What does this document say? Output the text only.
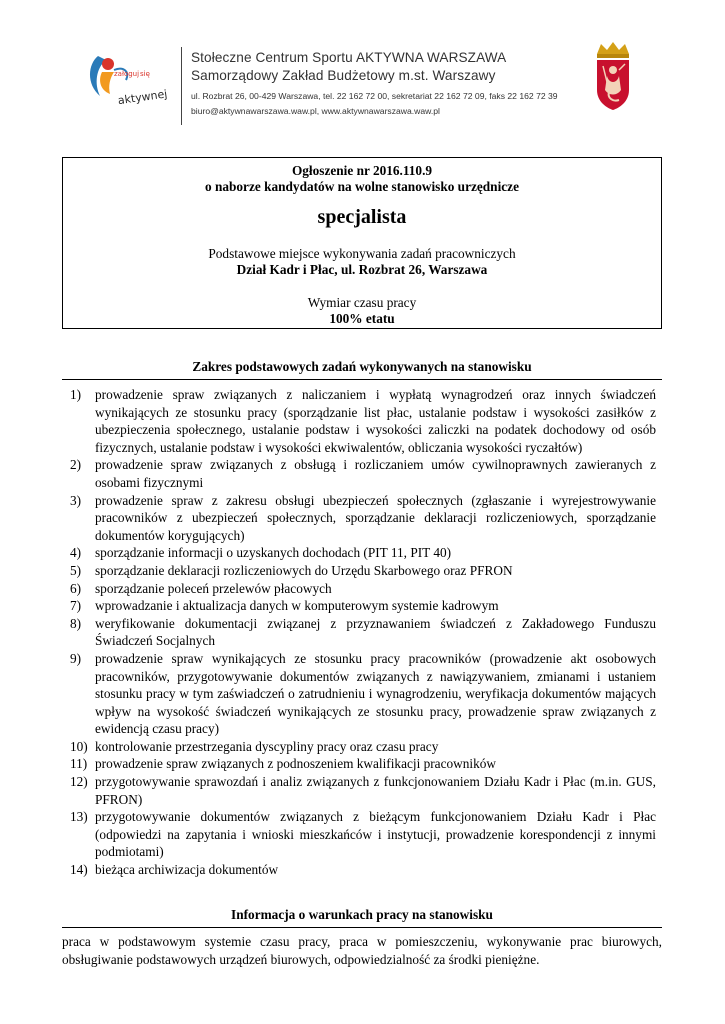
załoguj się
aktywnej
Stołeczne Centrum Sportu AKTYWNA WARSZAWA
Samorządowy Zakład Budżetowy m.st. Warszawy
ul. Rozbrat 26, 00-429 Warszawa, tel. 22 162 72 00, sekretariat 22 162 72 09, faks 22 162 72 39
biuro@aktywnawarszawa.waw.pl, www.aktywnawarszawa.waw.pl
Ogłoszenie nr 2016.110.9
o naborze kandydatów na wolne stanowisko urzędnicze
specjalista
Podstawowe miejsce wykonywania zadań pracowniczych
Dział Kadr i Płac, ul. Rozbrat 26, Warszawa
Wymiar czasu pracy
100% etatu
Zakres podstawowych zadań wykonywanych na stanowisku
1) prowadzenie spraw związanych z naliczaniem i wypłatą wynagrodzeń oraz innych świadczeń wynikających ze stosunku pracy (sporządzanie list płac, ustalanie podstaw i wysokości zasiłków z ubezpieczenia społecznego, ustalanie podstaw i wysokości zaliczki na podatek dochodowy od osób fizycznych, ustalanie podstaw i wysokości ekwiwalentów, obliczania wysokości ryczałtów)
2) prowadzenie spraw związanych z obsługą i rozliczaniem umów cywilnoprawnych zawieranych z osobami fizycznymi
3) prowadzenie spraw z zakresu obsługi ubezpieczeń społecznych (zgłaszanie i wyrejestrowywanie pracowników z ubezpieczeń społecznych, sporządzanie deklaracji rozliczeniowych, sporządzanie dokumentów korygujących)
4) sporządzanie informacji o uzyskanych dochodach (PIT 11, PIT 40)
5) sporządzanie deklaracji rozliczeniowych do Urzędu Skarbowego oraz PFRON
6) sporządzanie poleceń przelewów płacowych
7) wprowadzanie i aktualizacja danych w komputerowym systemie kadrowym
8) weryfikowanie dokumentacji związanej z przyznawaniem świadczeń z Zakładowego Funduszu Świadczeń Socjalnych
9) prowadzenie spraw wynikających ze stosunku pracy pracowników (prowadzenie akt osobowych pracowników, przygotowywanie dokumentów związanych z nawiązywaniem, zmianami i ustaniem stosunku pracy w tym zaświadczeń o zatrudnieniu i wynagrodzeniu, weryfikacja dokumentów mających wpływ na wysokość świadczeń wynikających ze stosunku pracy, prowadzenie spraw związanych z ewidencją czasu pracy)
10) kontrolowanie przestrzegania dyscypliny pracy oraz czasu pracy
11) prowadzenie spraw związanych z podnoszeniem kwalifikacji pracowników
12) przygotowywanie sprawozdań i analiz związanych z funkcjonowaniem Działu Kadr i Płac (m.in. GUS, PFRON)
13) przygotowywanie dokumentów związanych z bieżącym funkcjonowaniem Działu Kadr i Płac (odpowiedzi na zapytania i wnioski mieszkańców i instytucji, prowadzenie korespondencji z innymi podmiotami)
14) bieżąca archiwizacja dokumentów
Informacja o warunkach pracy na stanowisku
praca w podstawowym systemie czasu pracy, praca w pomieszczeniu, wykonywanie prac biurowych, obsługiwanie podstawowych urządzeń biurowych, odpowiedzialność za środki pieniężne.
